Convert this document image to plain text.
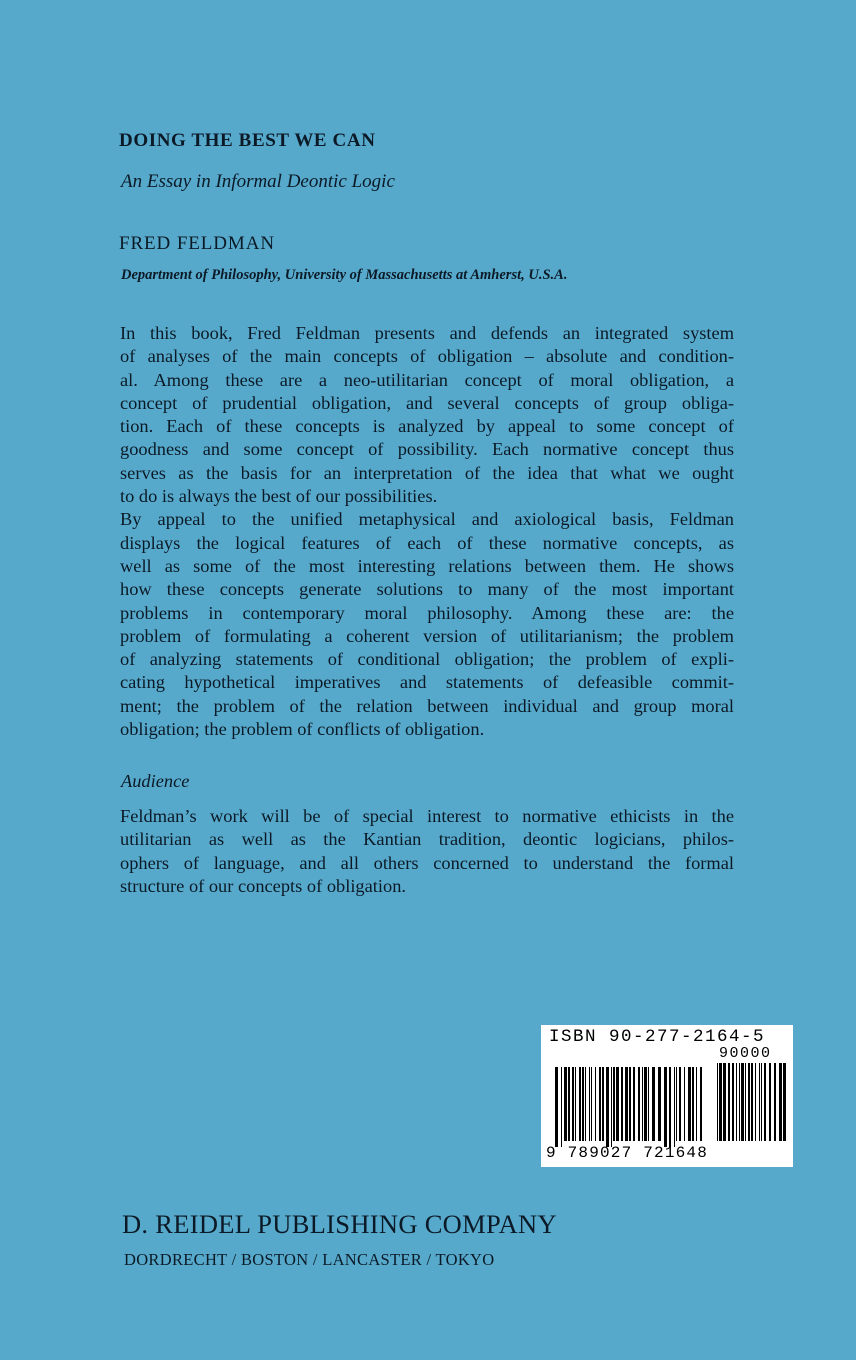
DOING THE BEST WE CAN
An Essay in Informal Deontic Logic
FRED FELDMAN
Department of Philosophy, University of Massachusetts at Amherst, U.S.A.

In this book, Fred Feldman presents and defends an integrated system

of analyses of the main concepts of obligation – absolute and condition-

al. Among these are a neo-utilitarian concept of moral obligation, a

concept of prudential obligation, and several concepts of group obliga-

tion. Each of these concepts is analyzed by appeal to some concept of

goodness and some concept of possibility. Each normative concept thus

serves as the basis for an interpretation of the idea that what we ought

to do is always the best of our possibilities.

By appeal to the unified metaphysical and axiological basis, Feldman

displays the logical features of each of these normative concepts, as

well as some of the most interesting relations between them. He shows

how these concepts generate solutions to many of the most important

problems in contemporary moral philosophy. Among these are: the

problem of formulating a coherent version of utilitarianism; the problem

of analyzing statements of conditional obligation; the problem of expli-

cating hypothetical imperatives and statements of defeasible commit-

ment; the problem of the relation between individual and group moral

obligation; the problem of conflicts of obligation.

Audience

Feldman’s work will be of special interest to normative ethicists in the

utilitarian as well as the Kantian tradition, deontic logicians, philos-

ophers of language, and all others concerned to understand the formal

structure of our concepts of obligation.

ISBN 90-277-2164-5
90000
9 789027 721648
D. REIDEL PUBLISHING COMPANY
DORDRECHT / BOSTON / LANCASTER / TOKYO
